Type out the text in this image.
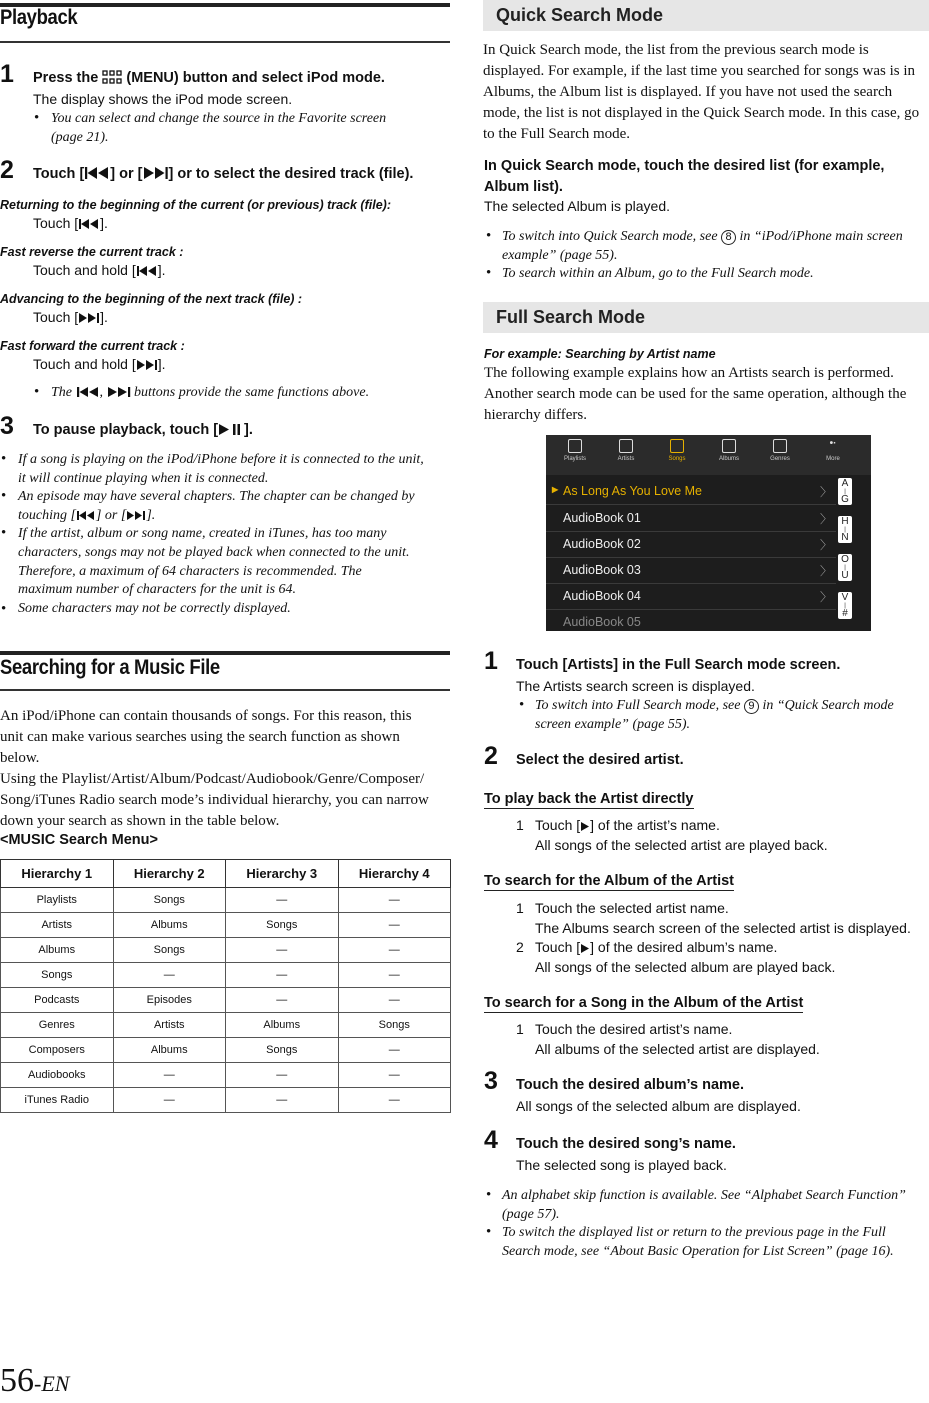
Playback
1 Press the (MENU) button and select iPod mode.
The display shows the iPod mode screen.
• You can select and change the source in the Favorite screen
(page 21).
2 Touch [ ] or [ ] or to select the desired track (file).
Returning to the beginning of the current (or previous) track (file):
Touch [ ].
Fast reverse the current track :
Touch and hold [ ].
Advancing to the beginning of the next track (file) :
Touch [ ].
Fast forward the current track :
Touch and hold [ ].
• The ,  buttons provide the same functions above.
3 To pause playback, touch [ ].
•
•
•
•
If a song is playing on the iPod/iPhone before it is connected to the unit,
it will continue playing when it is connected.
An episode may have several chapters. The chapter can be changed by
touching [ ] or [ ].
If the artist, album or song name, created in iTunes, has too many
characters, songs may not be played back when connected to the unit.
Therefore, a maximum of 64 characters is recommended. The
maximum number of characters for the unit is 64.
Some characters may not be correctly displayed.
Searching for a Music File
An iPod/iPhone can contain thousands of songs. For this reason, this
unit can make various searches using the search function as shown
below.
Using the Playlist/Artist/Album/Podcast/Audiobook/Genre/Composer/
Song/iTunes Radio search mode’s individual hierarchy, you can narrow
down your search as shown in the table below.
<MUSIC Search Menu>
Hierarchy 1	Hierarchy 2	Hierarchy 3	Hierarchy 4
Playlists	Songs	—	—
Artists	Albums	Songs	—
Albums	Songs	—	—
Songs	—	—	—
Podcasts	Episodes	—	—
Genres	Artists	Albums	Songs
Composers	Albums	Songs	—
Audiobooks	—	—	—
iTunes Radio	—	—	—
56-EN
Quick Search Mode
In Quick Search mode, the list from the previous search mode is
displayed. For example, if the last time you searched for songs was is in
Albums, the Album list is displayed. If you have not used the search
mode, the list is not displayed in the Quick Search mode. In this case, go
to the Full Search mode.
In Quick Search mode, touch the desired list (for example,
Album list).
The selected Album is played.
• To switch into Quick Search mode, see 8 in “iPod/iPhone main screen
example” (page 55).
• To search within an Album, go to the Full Search mode.
Full Search Mode
For example: Searching by Artist name
The following example explains how an Artists search is performed.
Another search mode can be used for the same operation, although the
hierarchy differs.
Playlists	Artists	Songs	Albums	Genres
•·
More
▶ As Long As You Love Me	〉
AudioBook 01	〉
AudioBook 02	〉
AudioBook 03	〉
AudioBook 04	〉
AudioBook 05
A
|
G
H
|
N
O
|
U
V
|
#
1 Touch [Artists] in the Full Search mode screen.
The Artists search screen is displayed.
• To switch into Full Search mode, see 9 in “Quick Search mode
screen example” (page 55).
2 Select the desired artist.
To play back the Artist directly
1 Touch [ ] of the artist’s name.
All songs of the selected artist are played back.
To search for the Album of the Artist
1 Touch the selected artist name.
The Albums search screen of the selected artist is displayed.
2 Touch [ ] of the desired album’s name.
All songs of the selected album are played back.
To search for a Song in the Album of the Artist
1 Touch the desired artist’s name.
All albums of the selected artist are displayed.
3 Touch the desired album’s name.
All songs of the selected album are displayed.
4 Touch the desired song’s name.
The selected song is played back.
•
•
An alphabet skip function is available. See “Alphabet Search Function”
(page 57).
To switch the displayed list or return to the previous page in the Full
Search mode, see “About Basic Operation for List Screen” (page 16).
